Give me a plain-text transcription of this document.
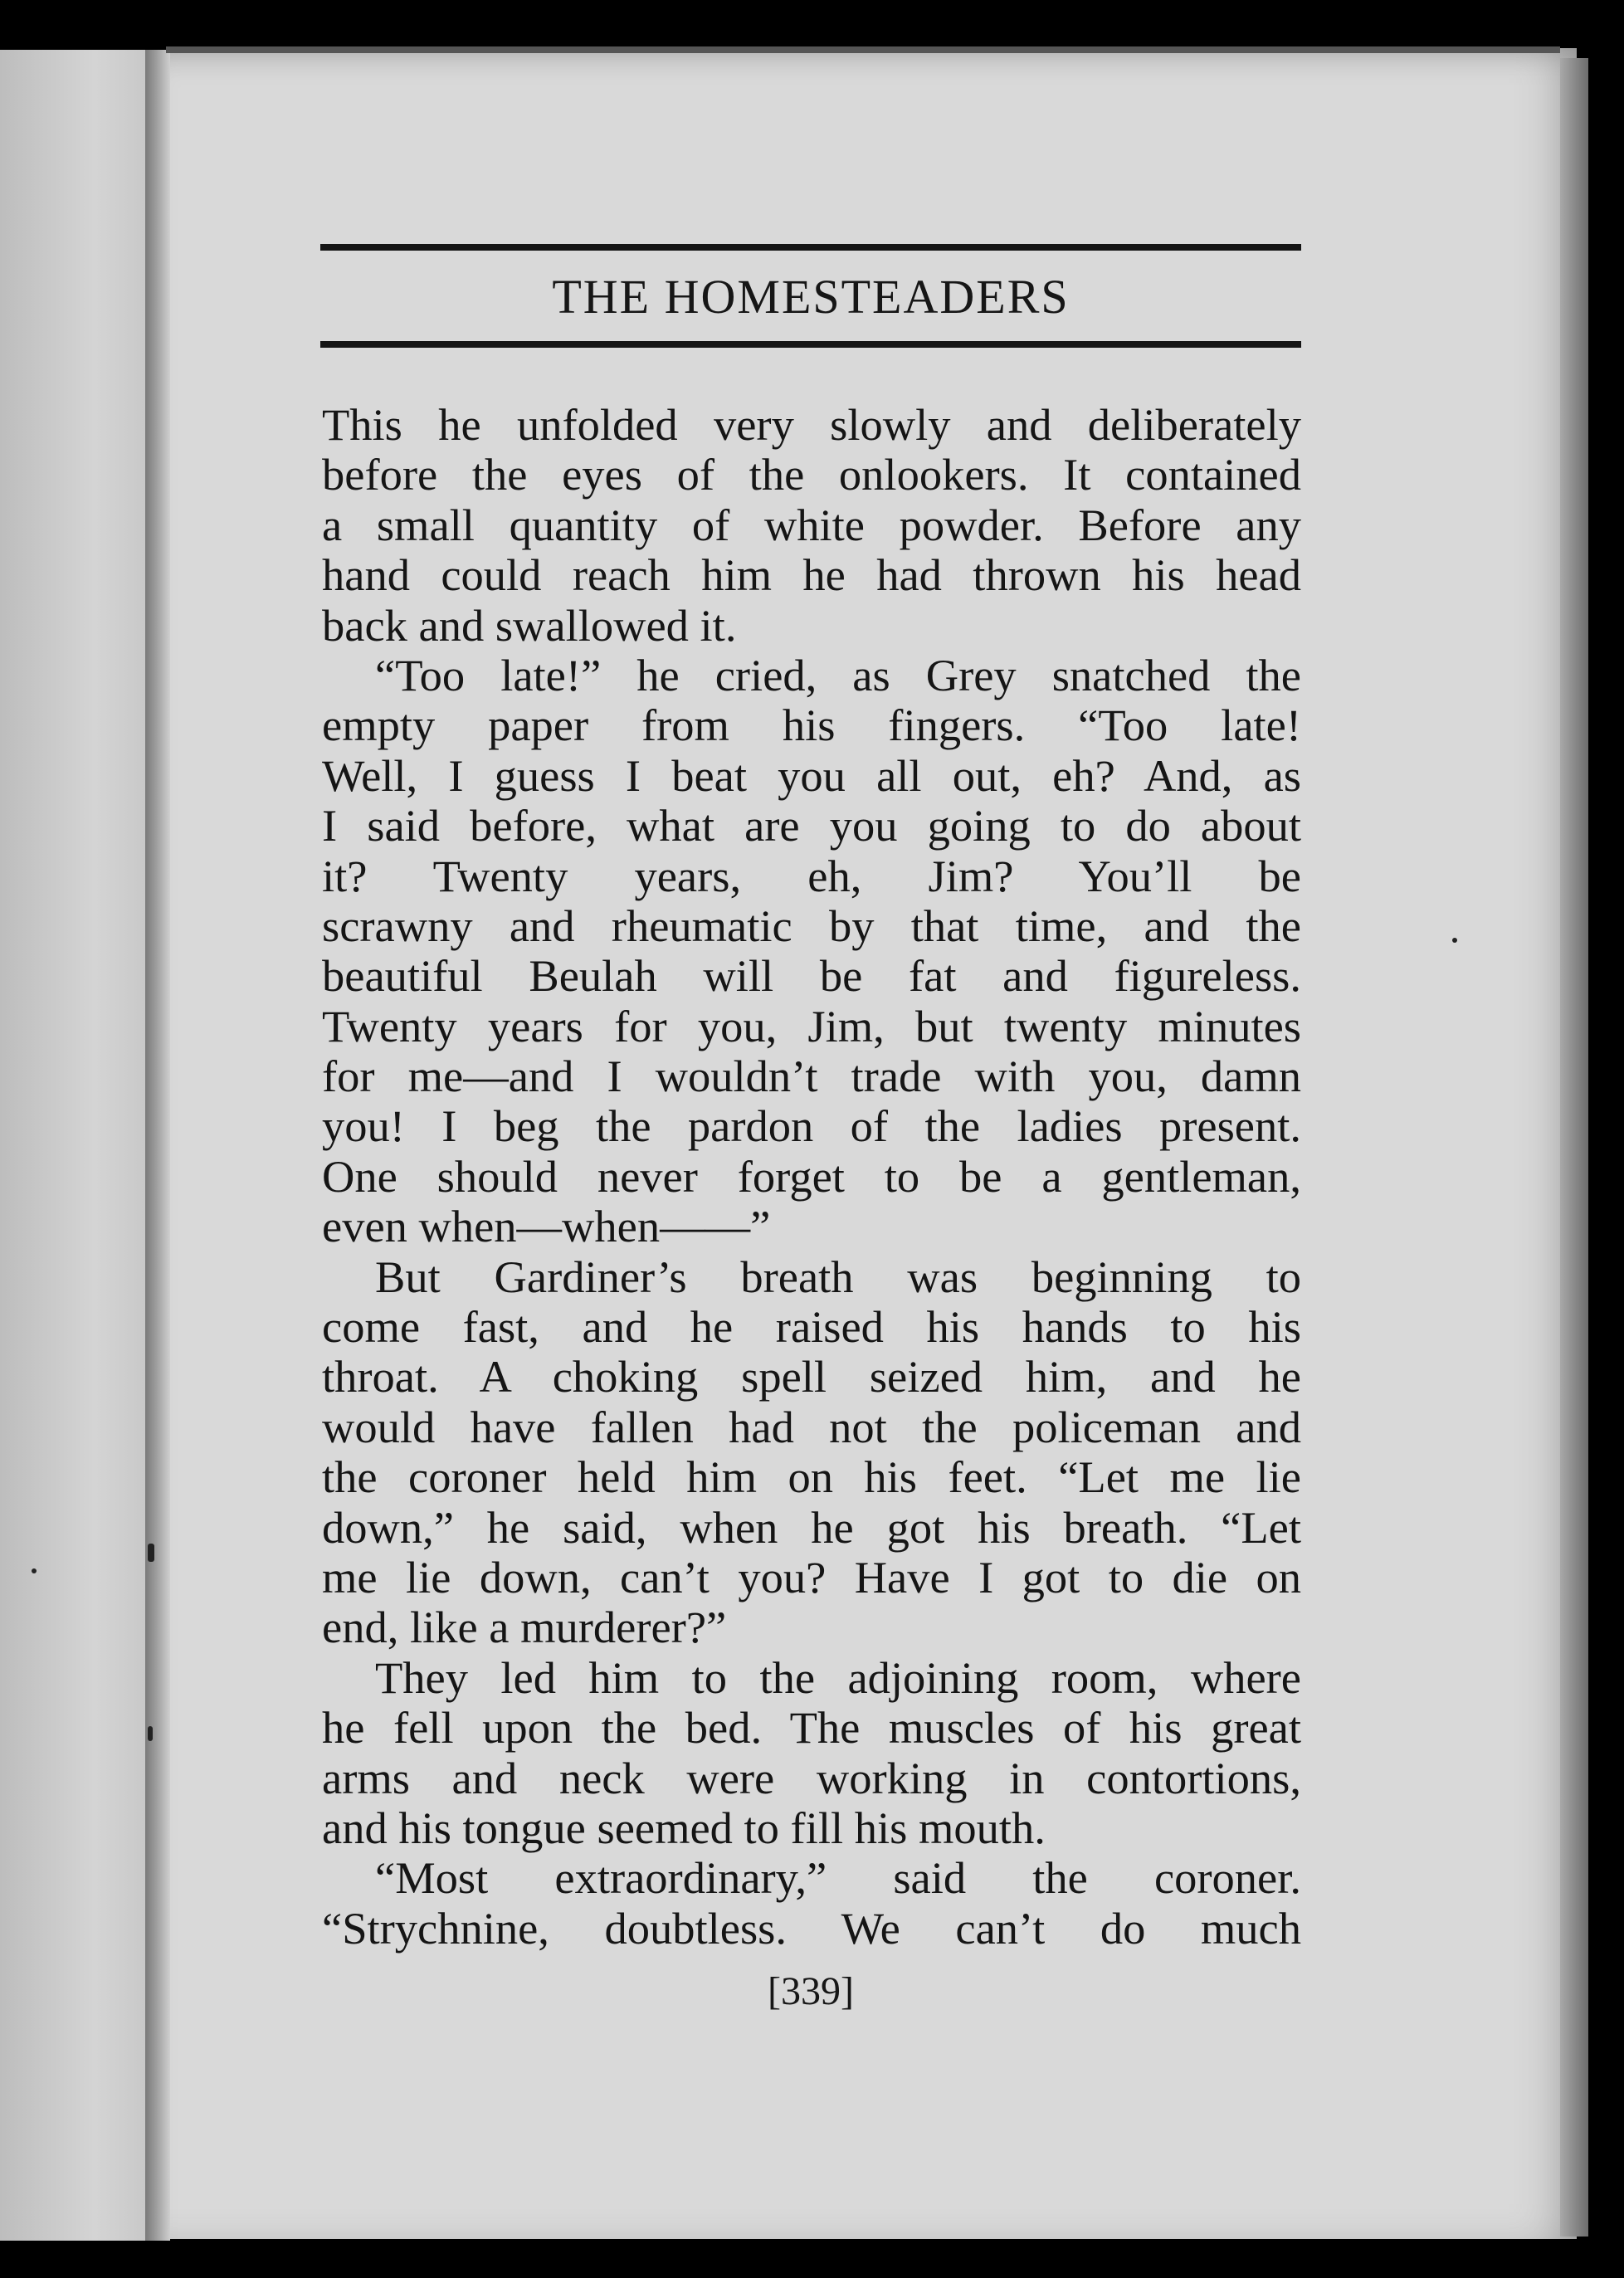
THE HOMESTEADERS
This he unfolded very slowly and deliberately
before the eyes of the onlookers. It contained
a small quantity of white powder. Before any
hand could reach him he had thrown his head
back and swallowed it.
“Too late!” he cried, as Grey snatched the
empty paper from his fingers. “Too late!
Well, I guess I beat you all out, eh? And, as
I said before, what are you going to do about
it? Twenty years, eh, Jim? You’ll be
scrawny and rheumatic by that time, and the
beautiful Beulah will be fat and figureless.
Twenty years for you, Jim, but twenty minutes
for me—and I wouldn’t trade with you, damn
you! I beg the pardon of the ladies present.
One should never forget to be a gentleman,
even when—when——”
But Gardiner’s breath was beginning to
come fast, and he raised his hands to his
throat. A choking spell seized him, and he
would have fallen had not the policeman and
the coroner held him on his feet. “Let me lie
down,” he said, when he got his breath. “Let
me lie down, can’t you? Have I got to die on
end, like a murderer?”
They led him to the adjoining room, where
he fell upon the bed. The muscles of his great
arms and neck were working in contortions,
and his tongue seemed to fill his mouth.
“Most extraordinary,” said the coroner.
“Strychnine, doubtless. We can’t do much
[339]
